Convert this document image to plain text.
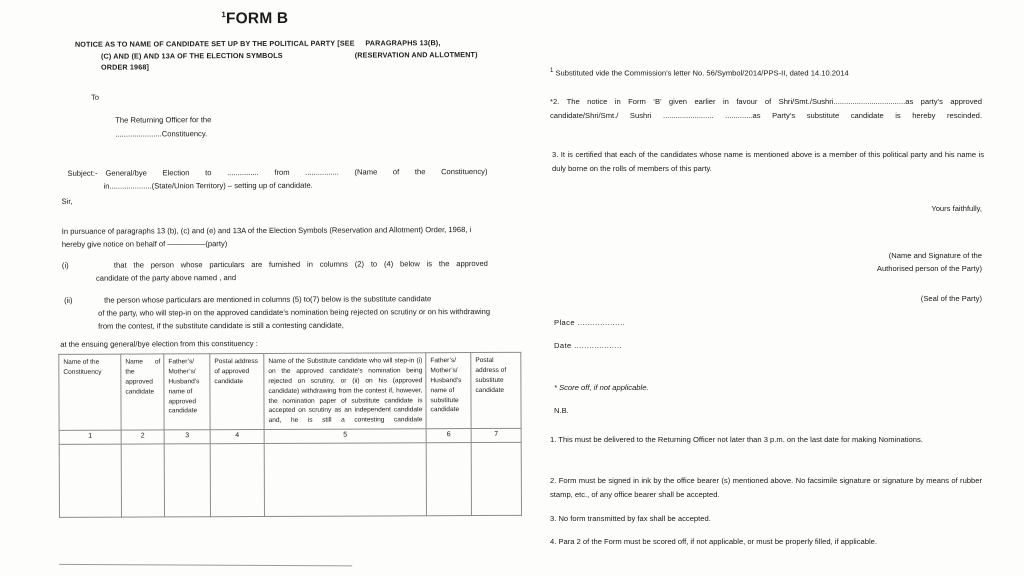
$^1$FORM B
NOTICE AS TO NAME OF CANDIDATE SET UP BY THE POLITICAL PARTY [SEE PARAGRAPHS 13(B),
(C) AND (E) AND 13A OF THE ELECTION SYMBOLS	(RESERVATION AND ALLOTMENT)
ORDER 1968]
To
The Returning Officer for the
......................Constituency.
Subject:- General/bye Election to ............... from ................ (Name of the Constituency)
in....................(State/Union Territory) – setting up of candidate.
Sir,
In pursuance of paragraphs 13 (b), (c) and (e) and 13A of the Election Symbols (Reservation and Allotment) Order, 1968, i hereby give notice on behalf of —————(party)
(i)	that the person whose particulars are furnished in columns (2) to (4) below is the approved
candidate of the party above named , and
(ii)	the person whose particulars are mentioned in columns (5) to(7) below is the substitute candidate
of the party, who will step-in on the approved candidate’s nomination being rejected on scrutiny or on his withdrawing from the contest, if the substitute candidate is still a contesting candidate,
at the ensuing general/bye election from this constituency :
Name of the Constituency	Name of the approved candidate	Father’s/ Mother’s/ Husband’s name of approved candidate	Postal address of approved candidate	Name of the Substitute candidate who will step-in (i) on the approved candidate’s nomination being rejected on scrutiny, or (ii) on his (approved candidate) withdrawing from the contest if, however, the nomination paper of substitute candidate is accepted on scrutiny as an independent candidate and, he is still a contesting candidate	Father’s/ Mother’s/ Husband’s name of substitute candidate	Postal address of substitute candidate
1	2	3	4	5	6	7

$^1$ Substituted vide the Commission’s letter No. 56/Symbol/2014/PPS-II, dated 14.10.2014
*2. The notice in Form ‘B’ given earlier in favour of Shri/Smt./Sushri..................................as party’s approved candidate/Shri/Smt./ Sushri ........................ .............as Party’s substitute candidate is hereby rescinded.
3. It is certified that each of the candidates whose name is mentioned above is a member of this political party and his name is duly borne on the rolls of members of this party.
Yours faithfully,
(Name and Signature of the
Authorised person of the Party)
(Seal of the Party)
Place ...................
Date ...................
* Score off, if not applicable.
N.B.
1. This must be delivered to the Returning Officer not later than 3 p.m. on the last date for making Nominations.
2. Form must be signed in ink by the office bearer (s) mentioned above. No facsimile signature or signature by means of rubber stamp, etc., of any office bearer shall be accepted.
3. No form transmitted by fax shall be accepted.
4. Para 2 of the Form must be scored off, if not applicable, or must be properly filled, if applicable.
